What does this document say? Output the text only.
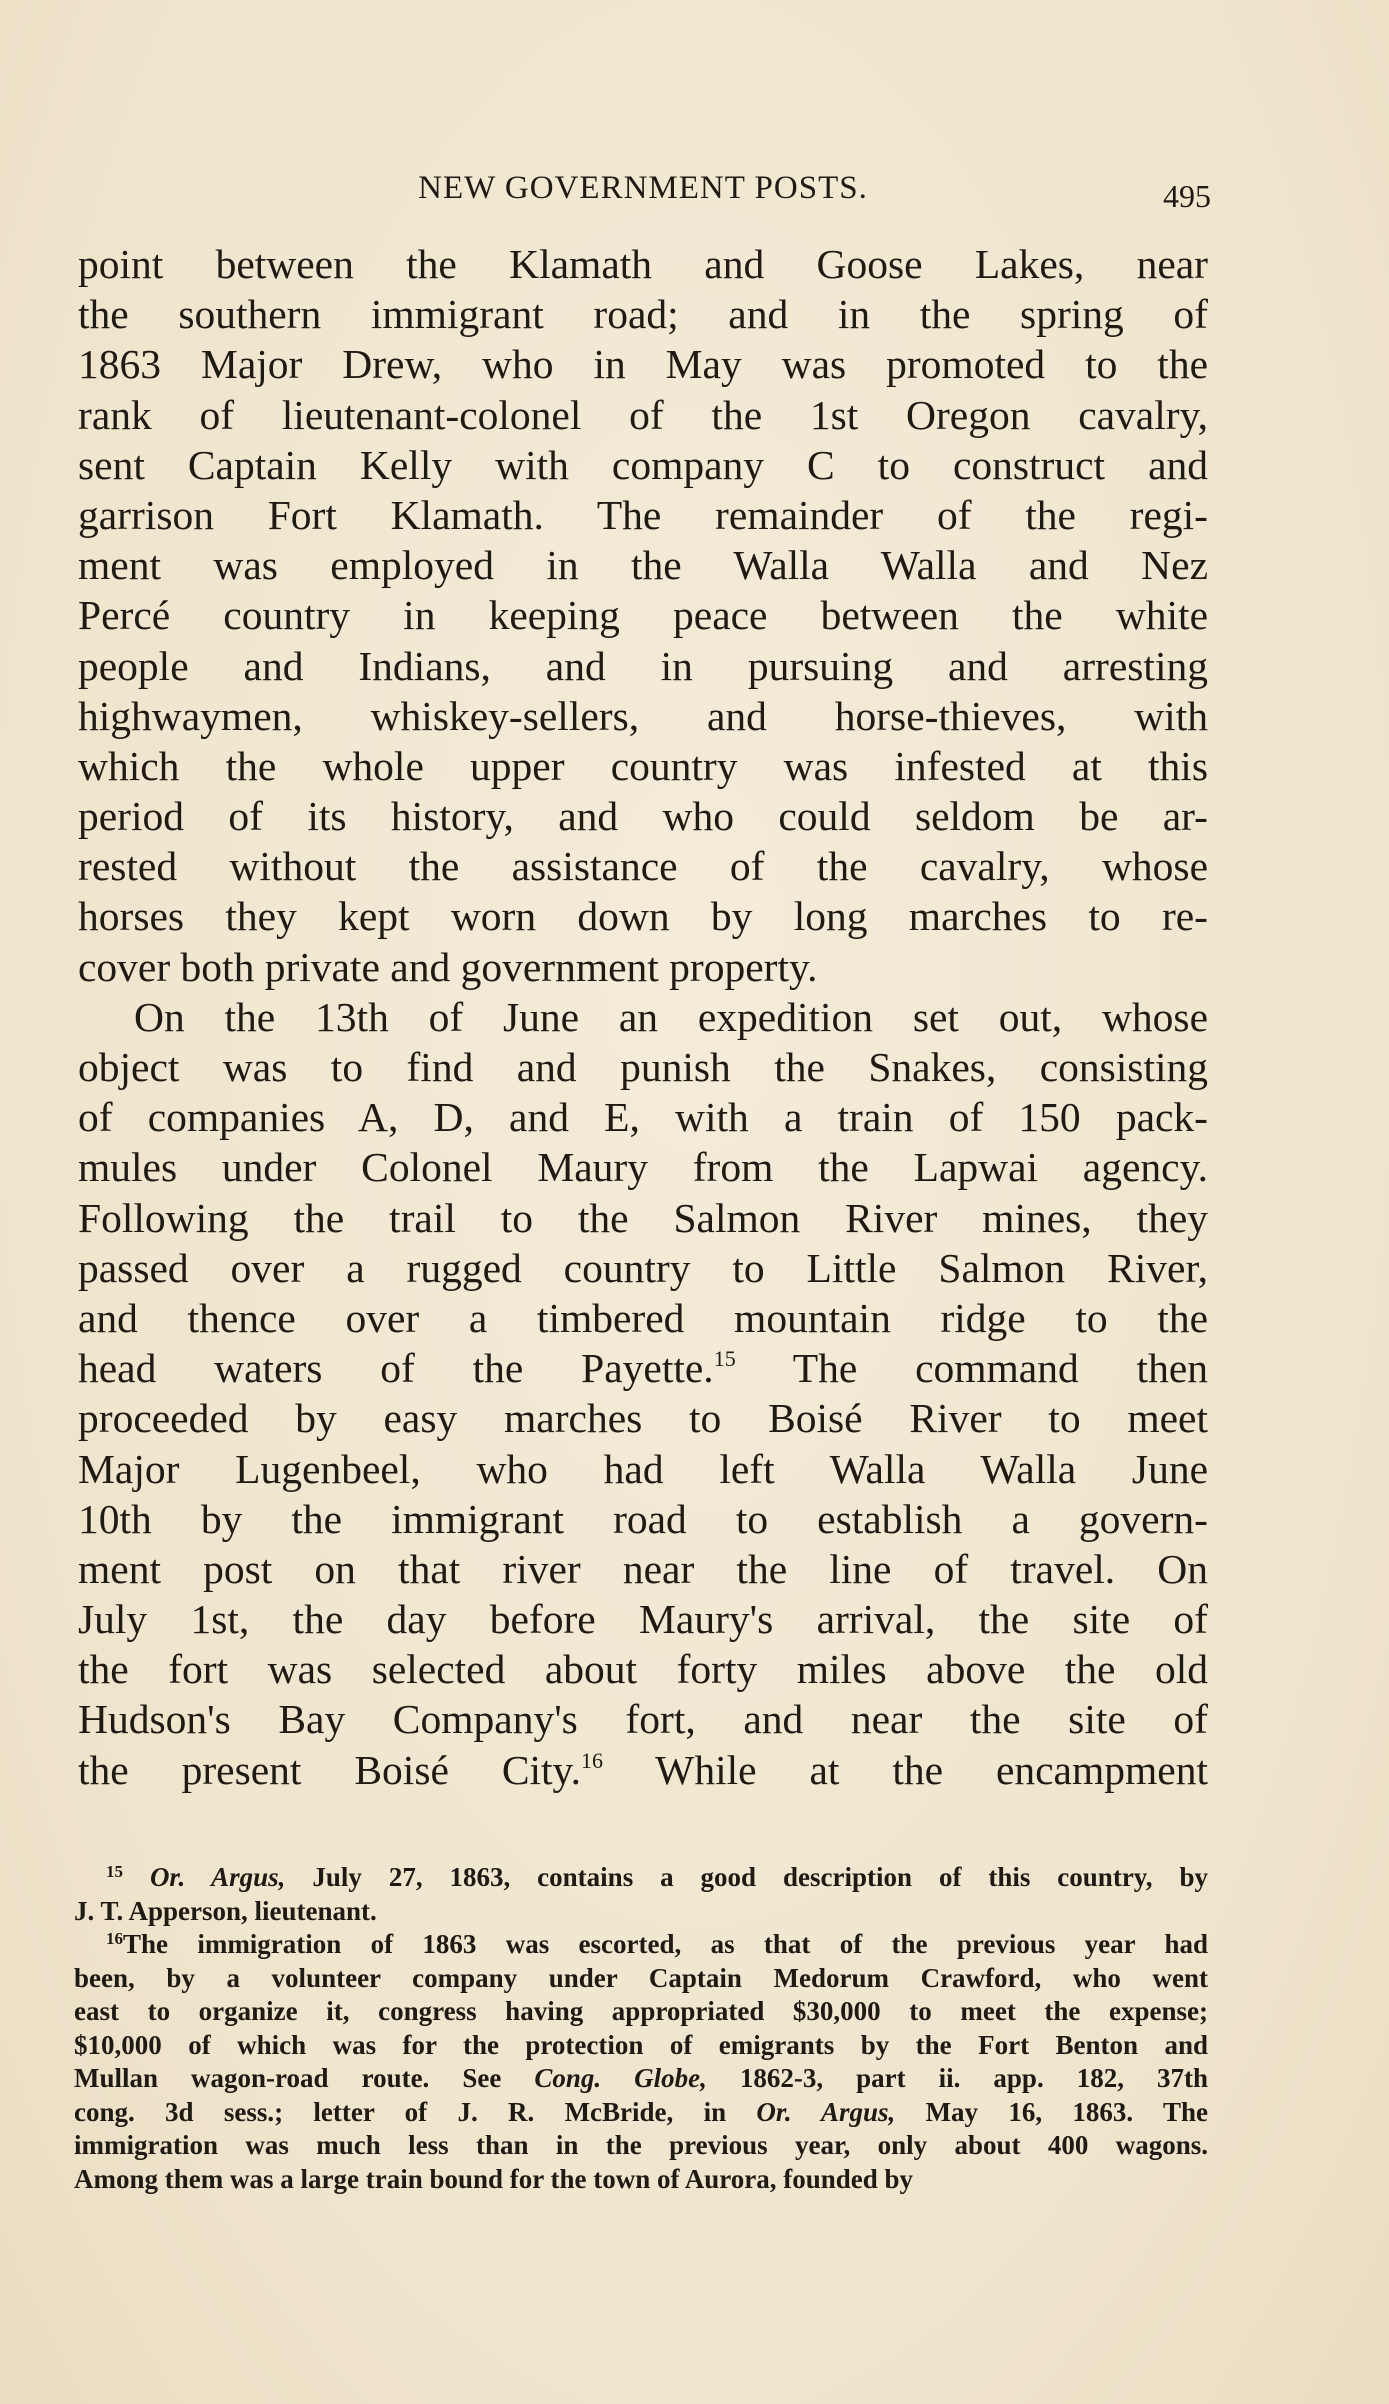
NEW GOVERNMENT POSTS.	495
point between the Klamath and Goose Lakes, near
the southern immigrant road; and in the spring of
1863 Major Drew, who in May was promoted to the
rank of lieutenant-colonel of the 1st Oregon cavalry,
sent Captain Kelly with company C to construct and
garrison Fort Klamath. The remainder of the regi-
ment was employed in the Walla Walla and Nez
Percé country in keeping peace between the white
people and Indians, and in pursuing and arresting
highwaymen, whiskey-sellers, and horse-thieves, with
which the whole upper country was infested at this
period of its history, and who could seldom be ar-
rested without the assistance of the cavalry, whose
horses they kept worn down by long marches to re-
cover both private and government property.
On the 13th of June an expedition set out, whose
object was to find and punish the Snakes, consisting
of companies A, D, and E, with a train of 150 pack-
mules under Colonel Maury from the Lapwai agency.
Following the trail to the Salmon River mines, they
passed over a rugged country to Little Salmon River,
and thence over a timbered mountain ridge to the
head waters of the Payette.$^{15}$ The command then
proceeded by easy marches to Boisé River to meet
Major Lugenbeel, who had left Walla Walla June
10th by the immigrant road to establish a govern-
ment post on that river near the line of travel. On
July 1st, the day before Maury's arrival, the site of
the fort was selected about forty miles above the old
Hudson's Bay Company's fort, and near the site of
the present Boisé City.$^{16}$ While at the encampment
$^{15}$ Or. Argus, July 27, 1863, contains a good description of this country, by
J. T. Apperson, lieutenant.
$^{16}$The immigration of 1863 was escorted, as that of the previous year had
been, by a volunteer company under Captain Medorum Crawford, who went
east to organize it, congress having appropriated $30,000 to meet the expense;
$10,000 of which was for the protection of emigrants by the Fort Benton and
Mullan wagon-road route. See Cong. Globe, 1862-3, part ii. app. 182, 37th
cong. 3d sess.; letter of J. R. McBride, in Or. Argus, May 16, 1863. The
immigration was much less than in the previous year, only about 400 wagons.
Among them was a large train bound for the town of Aurora, founded by
